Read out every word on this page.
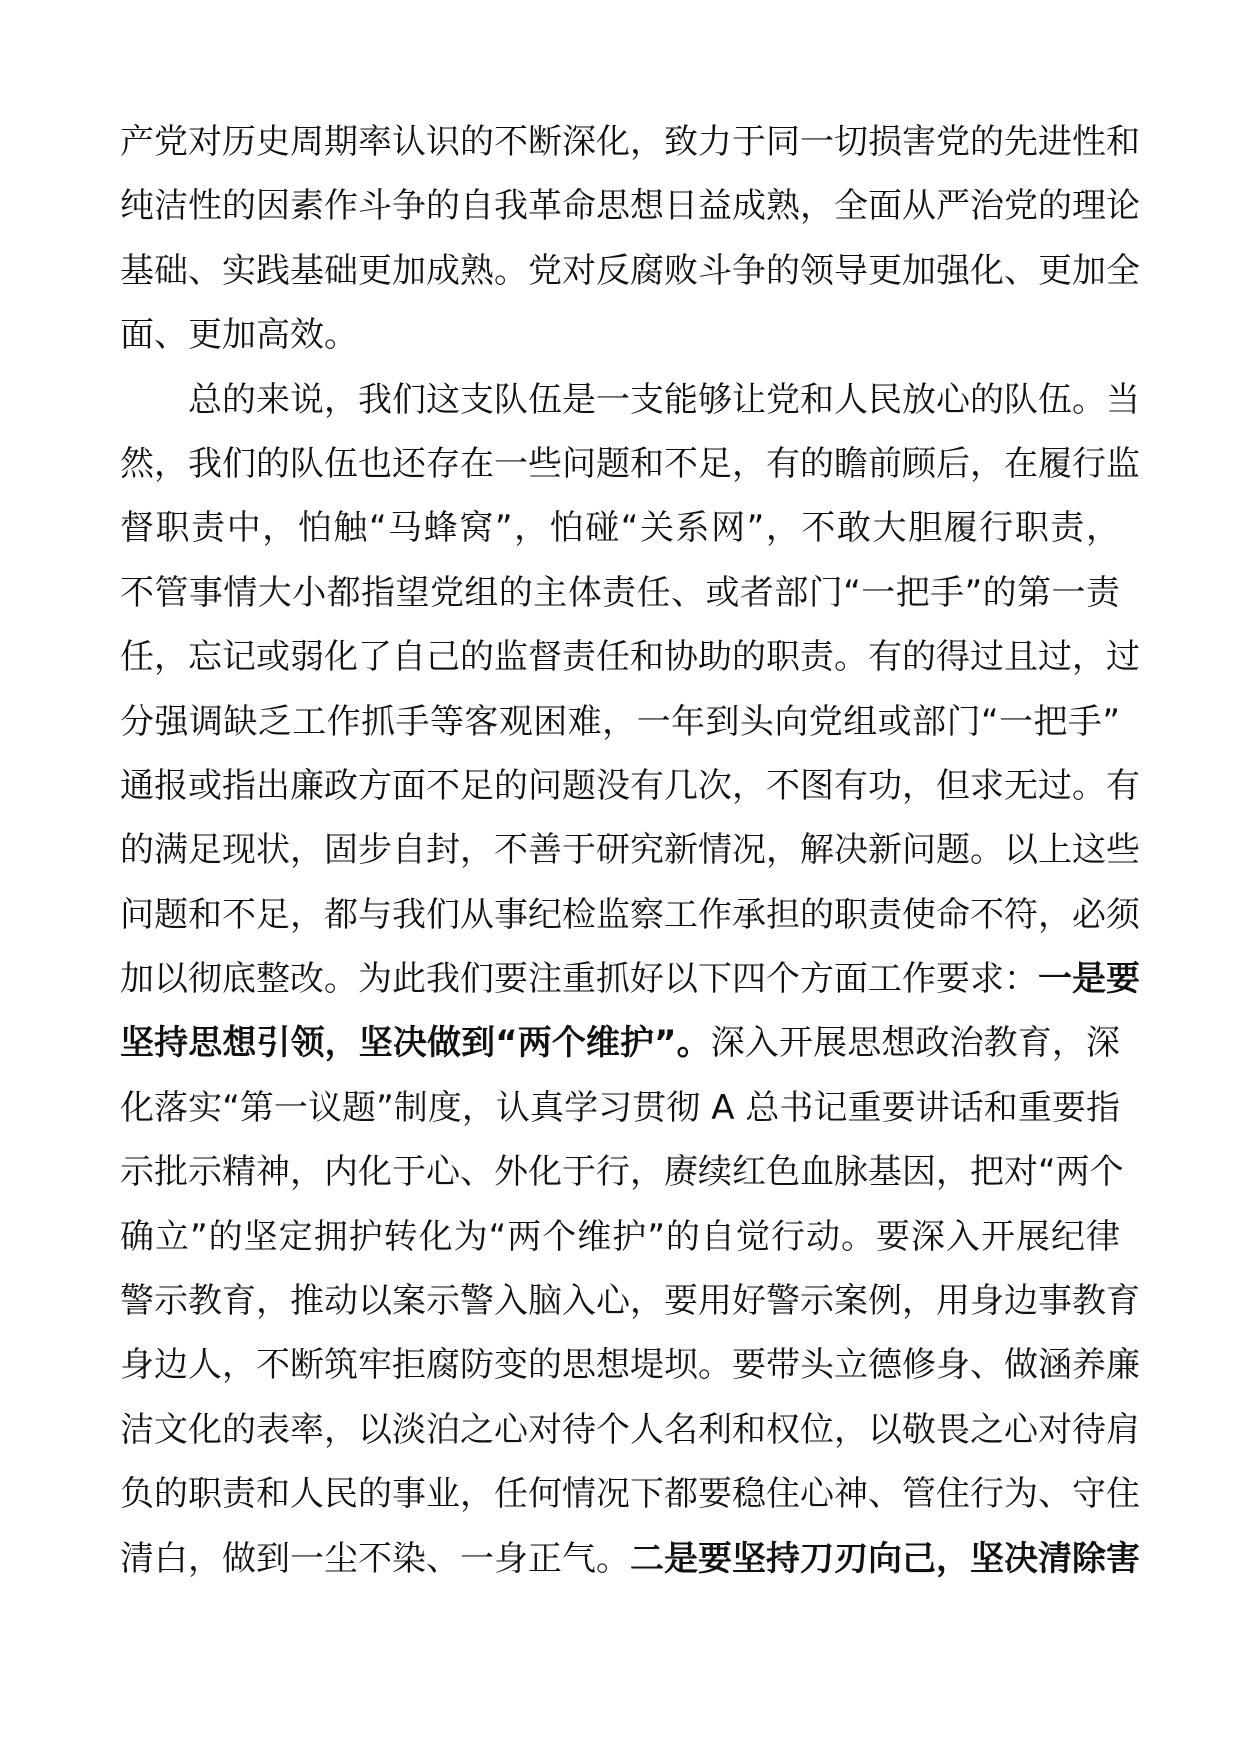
产党对历史周期率认识的不断深化，致力于同一切损害党的先进性和
纯洁性的因素作斗争的自我革命思想日益成熟，全面从严治党的理论
基础、实践基础更加成熟。党对反腐败斗争的领导更加强化、更加全
面、更加高效。
总的来说，我们这支队伍是一支能够让党和人民放心的队伍。当
然，我们的队伍也还存在一些问题和不足，有的瞻前顾后，在履行监
督职责中，怕触“马蜂窝”，怕碰“关系网”，不敢大胆履行职责，
不管事情大小都指望党组的主体责任、或者部门“一把手”的第一责
任，忘记或弱化了自己的监督责任和协助的职责。有的得过且过，过
分强调缺乏工作抓手等客观困难，一年到头向党组或部门“一把手”
通报或指出廉政方面不足的问题没有几次，不图有功，但求无过。有
的满足现状，固步自封，不善于研究新情况，解决新问题。以上这些
问题和不足，都与我们从事纪检监察工作承担的职责使命不符，必须
加以彻底整改。为此我们要注重抓好以下四个方面工作要求：一是要
坚持思想引领，坚决做到“两个维护”。深入开展思想政治教育，深
化落实“第一议题”制度，认真学习贯彻 A 总书记重要讲话和重要指
示批示精神，内化于心、外化于行，赓续红色血脉基因，把对“两个
确立”的坚定拥护转化为“两个维护”的自觉行动。要深入开展纪律
警示教育，推动以案示警入脑入心，要用好警示案例，用身边事教育
身边人，不断筑牢拒腐防变的思想堤坝。要带头立德修身、做涵养廉
洁文化的表率，以淡泊之心对待个人名利和权位，以敬畏之心对待肩
负的职责和人民的事业，任何情况下都要稳住心神、管住行为、守住
清白，做到一尘不染、一身正气。二是要坚持刀刃向己，坚决清除害
